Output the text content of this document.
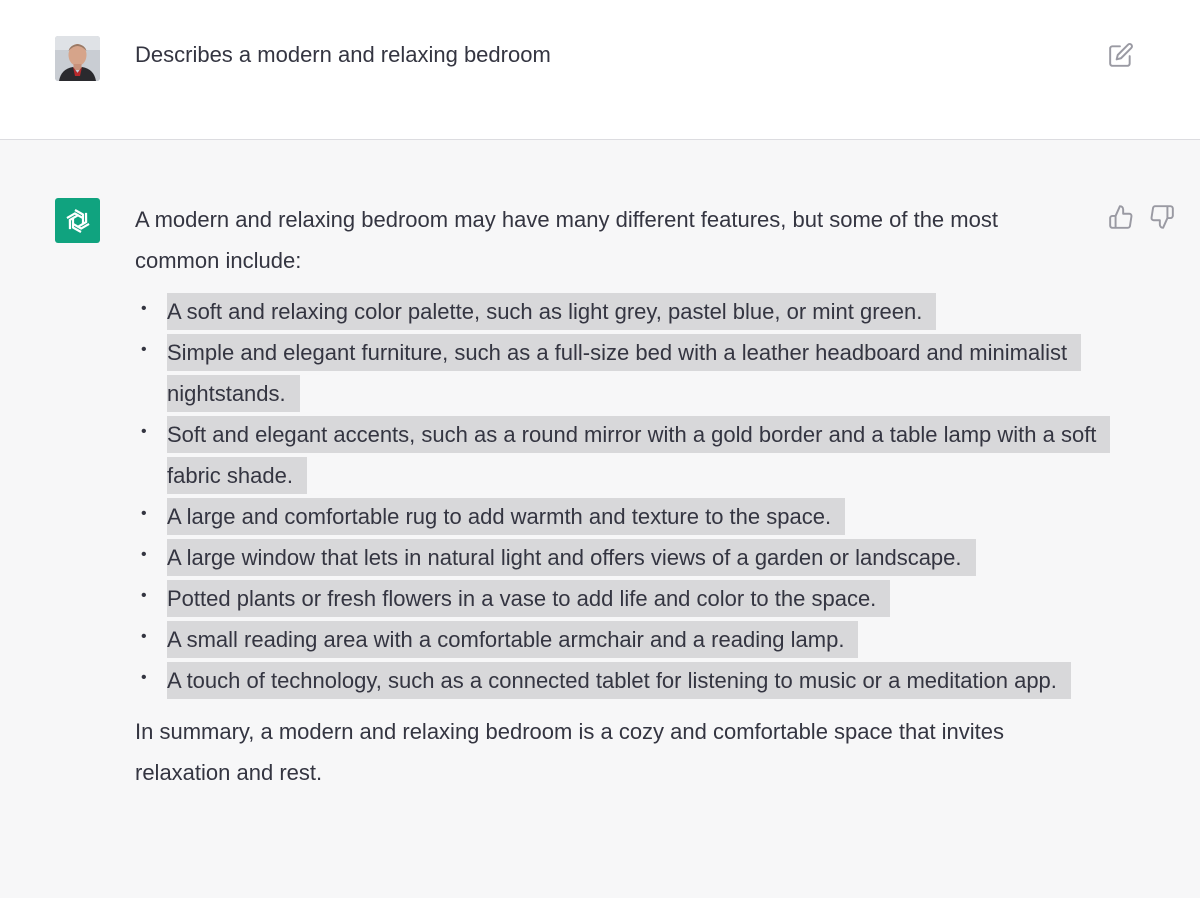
Describes a modern and relaxing bedroom

A modern and relaxing bedroom may have many different features, but some of the most common include:

• A soft and relaxing color palette, such as light grey, pastel blue, or mint green.
• Simple and elegant furniture, such as a full-size bed with a leather headboard and minimalist nightstands.
• Soft and elegant accents, such as a round mirror with a gold border and a table lamp with a soft fabric shade.
• A large and comfortable rug to add warmth and texture to the space.
• A large window that lets in natural light and offers views of a garden or landscape.
• Potted plants or fresh flowers in a vase to add life and color to the space.
• A small reading area with a comfortable armchair and a reading lamp.
• A touch of technology, such as a connected tablet for listening to music or a meditation app.

In summary, a modern and relaxing bedroom is a cozy and comfortable space that invites relaxation and rest.
